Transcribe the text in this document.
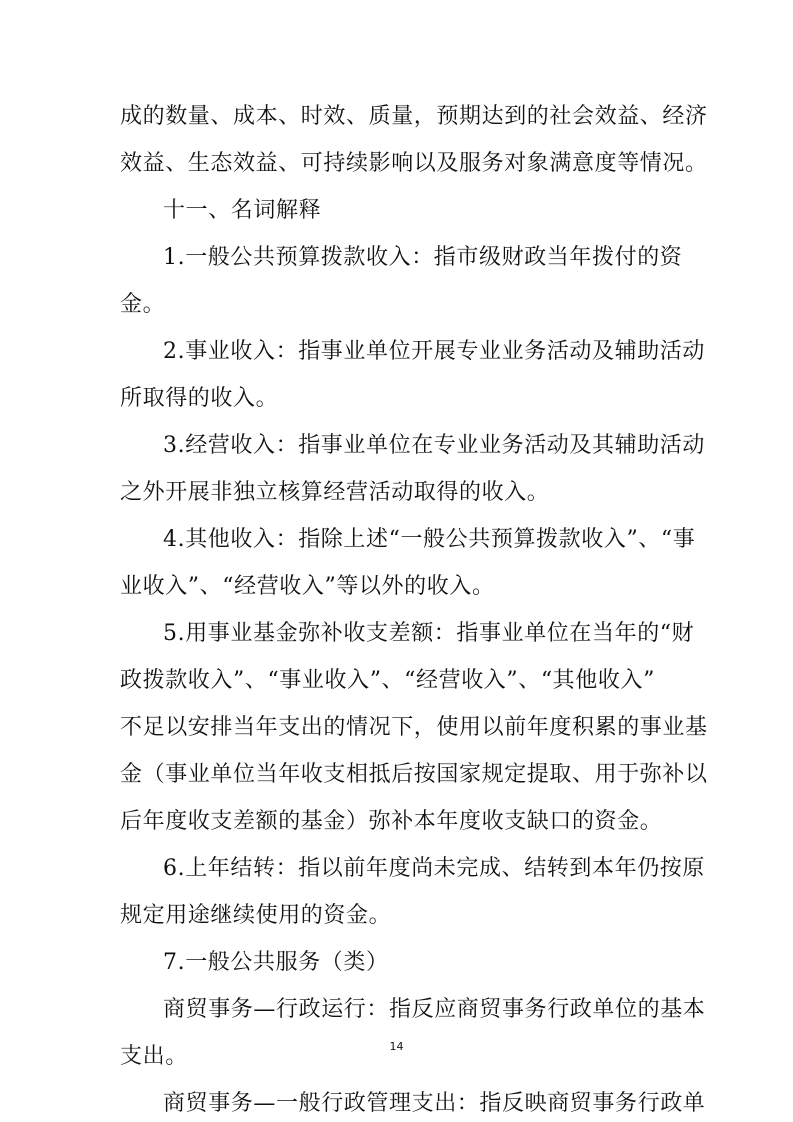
成的数量、成本、时效、质量，预期达到的社会效益、经济
效益、生态效益、可持续影响以及服务对象满意度等情况。
十一、名词解释
1.一般公共预算拨款收入：指市级财政当年拨付的资
金。
2.事业收入：指事业单位开展专业业务活动及辅助活动
所取得的收入。
3.经营收入：指事业单位在专业业务活动及其辅助活动
之外开展非独立核算经营活动取得的收入。
4.其他收入：指除上述“一般公共预算拨款收入”、“事
业收入”、“经营收入”等以外的收入。
5.用事业基金弥补收支差额：指事业单位在当年的“财
政拨款收入”、“事业收入”、“经营收入”、“其他收入”
不足以安排当年支出的情况下，使用以前年度积累的事业基
金（事业单位当年收支相抵后按国家规定提取、用于弥补以
后年度收支差额的基金）弥补本年度收支缺口的资金。
6.上年结转：指以前年度尚未完成、结转到本年仍按原
规定用途继续使用的资金。
7.一般公共服务（类）
商贸事务—行政运行：指反应商贸事务行政单位的基本
支出。
商贸事务—一般行政管理支出：指反映商贸事务行政单
14
